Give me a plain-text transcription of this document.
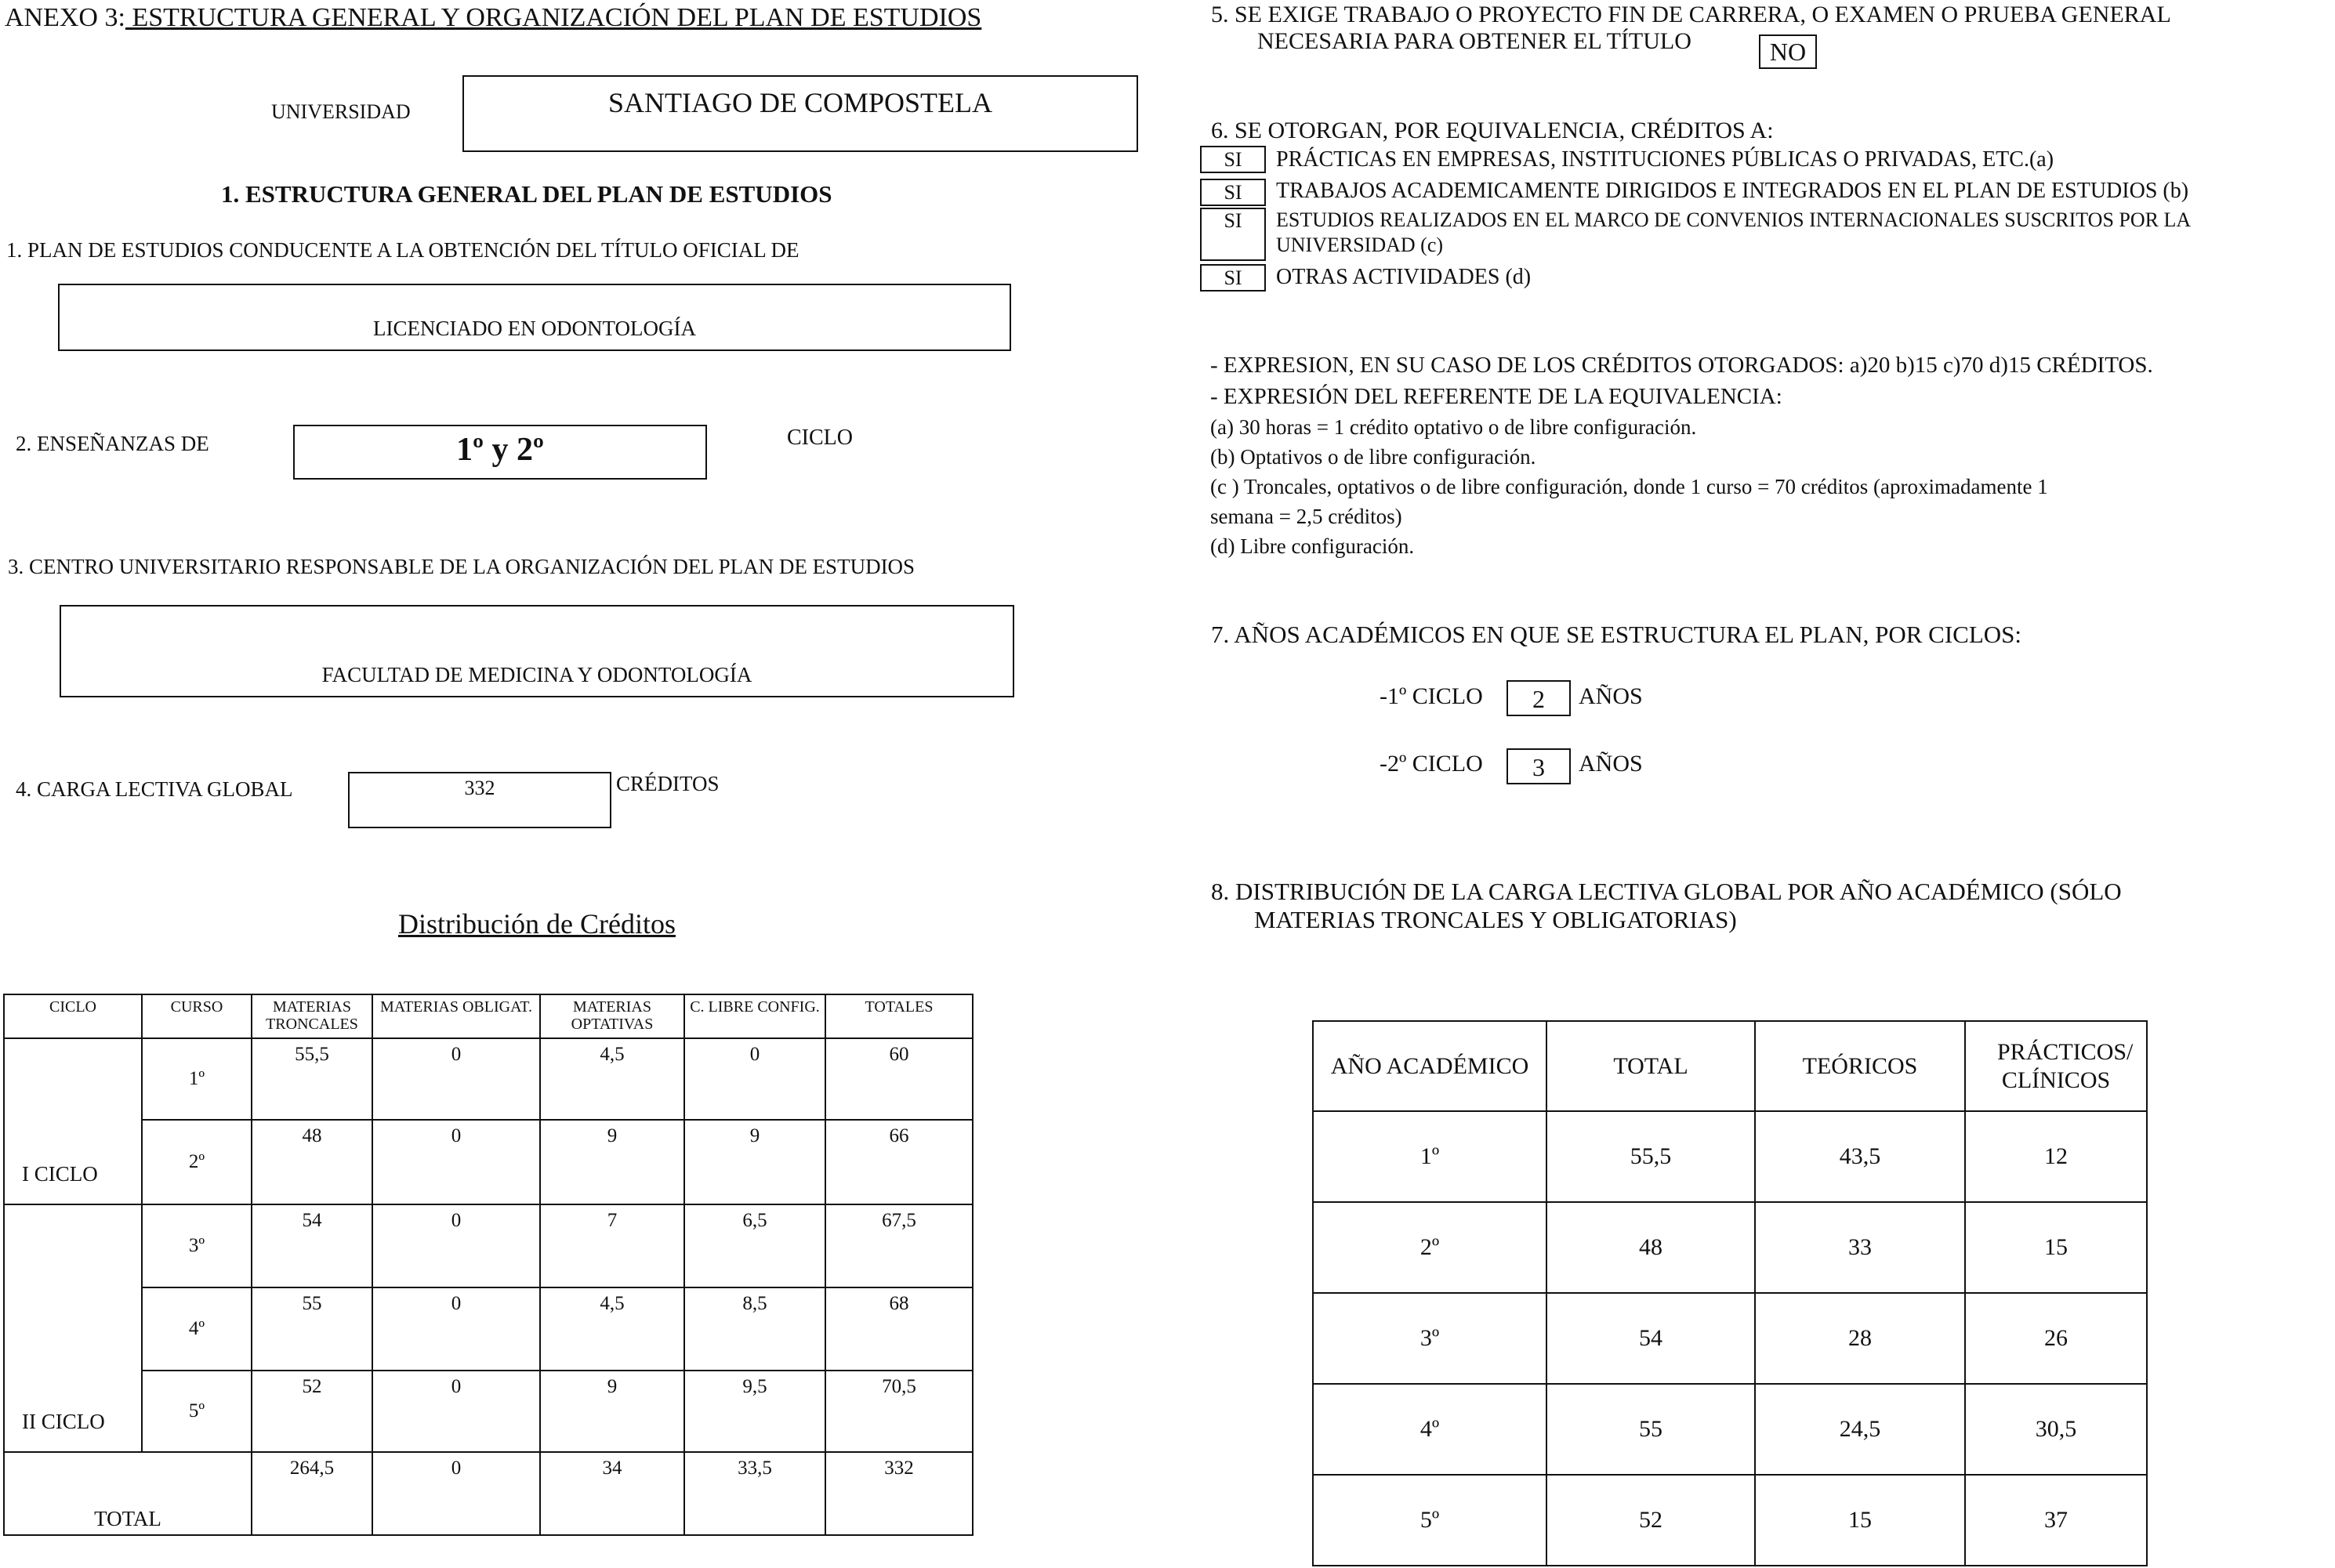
ANEXO 3: ESTRUCTURA GENERAL Y ORGANIZACIÓN DEL PLAN DE ESTUDIOS
UNIVERSIDAD	SANTIAGO DE COMPOSTELA
1. ESTRUCTURA GENERAL DEL PLAN DE ESTUDIOS
1. PLAN DE ESTUDIOS CONDUCENTE A LA OBTENCIÓN DEL TÍTULO OFICIAL DE
LICENCIADO EN ODONTOLOGÍA
2. ENSEÑANZAS DE	1º y 2º	CICLO
3. CENTRO UNIVERSITARIO RESPONSABLE DE LA ORGANIZACIÓN DEL PLAN DE ESTUDIOS
FACULTAD DE MEDICINA Y ODONTOLOGÍA
4. CARGA LECTIVA GLOBAL	332	CRÉDITOS
Distribución de Créditos
CICLO	CURSO	MATERIAS TRONCALES	MATERIAS OBLIGAT.	MATERIAS OPTATIVAS	C. LIBRE CONFIG.	TOTALES
I CICLO	1º	55,5	0	4,5	0	60
	2º	48	0	9	9	66
II CICLO	3º	54	0	7	6,5	67,5
	4º	55	0	4,5	8,5	68
	5º	52	0	9	9,5	70,5
TOTAL		264,5	0	34	33,5	332
5. SE EXIGE TRABAJO O PROYECTO FIN DE CARRERA, O EXAMEN O PRUEBA GENERAL
NECESARIA PARA OBTENER EL TÍTULO	NO
6. SE OTORGAN, POR EQUIVALENCIA, CRÉDITOS A:
SI	PRÁCTICAS EN EMPRESAS, INSTITUCIONES PÚBLICAS O PRIVADAS, ETC.(a)
SI	TRABAJOS ACADEMICAMENTE DIRIGIDOS E INTEGRADOS EN EL PLAN DE ESTUDIOS (b)
SI	ESTUDIOS REALIZADOS EN EL MARCO DE CONVENIOS INTERNACIONALES SUSCRITOS POR LA
UNIVERSIDAD (c)
SI	OTRAS ACTIVIDADES (d)
- EXPRESION, EN SU CASO DE LOS CRÉDITOS OTORGADOS: a)20 b)15 c)70 d)15 CRÉDITOS.
- EXPRESIÓN DEL REFERENTE DE LA EQUIVALENCIA:
(a) 30 horas = 1 crédito optativo o de libre configuración.
(b) Optativos o de libre configuración.
(c ) Troncales, optativos o de libre configuración, donde 1 curso = 70 créditos (aproximadamente 1
semana = 2,5 créditos)
(d) Libre configuración.
7. AÑOS ACADÉMICOS EN QUE SE ESTRUCTURA EL PLAN, POR CICLOS:
-1º CICLO	2	AÑOS
-2º CICLO	3	AÑOS
8. DISTRIBUCIÓN DE LA CARGA LECTIVA GLOBAL POR AÑO ACADÉMICO (SÓLO
MATERIAS TRONCALES Y OBLIGATORIAS)
AÑO ACADÉMICO	TOTAL	TEÓRICOS	PRÁCTICOS/ CLÍNICOS
1º	55,5	43,5	12
2º	48	33	15
3º	54	28	26
4º	55	24,5	30,5
5º	52	15	37
